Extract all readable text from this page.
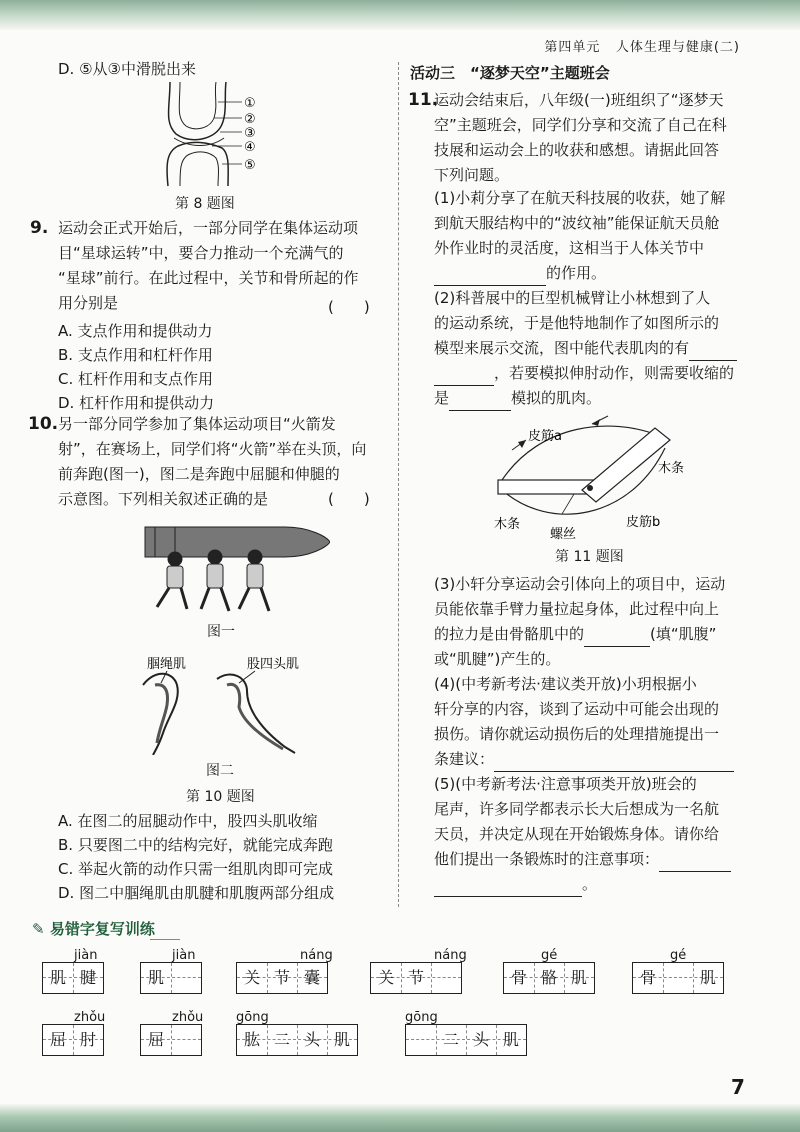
第四单元 人体生理与健康(二)
D. ⑤从③中滑脱出来
①
②
③
④
⑤
第 8 题图
9. 运动会正式开始后，一部分同学在集体运动项
目“星球运转”中，要合力推动一个充满气的
“星球”前行。在此过程中，关节和骨所起的作
用分别是	(　　)
A. 支点作用和提供动力
B. 支点作用和杠杆作用
C. 杠杆作用和支点作用
D. 杠杆作用和提供动力
10. 另一部分同学参加了集体运动项目“火箭发
射”，在赛场上，同学们将“火箭”举在头顶，向
前奔跑(图一)，图二是奔跑中屈腿和伸腿的
示意图。下列相关叙述正确的是	(　　)
图一
腘绳肌	股四头肌
图二
第 10 题图
A. 在图二的屈腿动作中，股四头肌收缩
B. 只要图二中的结构完好，就能完成奔跑
C. 举起火箭的动作只需一组肌肉即可完成
D. 图二中腘绳肌由肌腱和肌腹两部分组成
活动三　“逐梦天空”主题班会
11.
运动会结束后，八年级(一)班组织了“逐梦天
空”主题班会，同学们分享和交流了自己在科
技展和运动会上的收获和感想。请据此回答
下列问题。
(1)小莉分享了在航天科技展的收获，她了解
到航天服结构中的“波纹袖”能保证航天员舱
外作业时的灵活度，这相当于人体关节中
的作用。
(2)科普展中的巨型机械臂让小林想到了人
的运动系统，于是他特地制作了如图所示的
模型来展示交流，图中能代表肌肉的有
，若要模拟伸肘动作，则需要收缩的
是	模拟的肌肉。
皮筋a
木条
木条
螺丝
皮筋b
第 11 题图
(3)小轩分享运动会引体向上的项目中，运动
员能依靠手臂力量拉起身体，此过程中向上
的拉力是由骨骼肌中的	(填“肌腹”
或“肌腱”)产生的。
(4)(中考新考法·建议类开放)小玥根据小
轩分享的内容，谈到了运动中可能会出现的
损伤。请你就运动损伤后的处理措施提出一
条建议：
(5)(中考新考法·注意事项类开放)班会的
尾声，许多同学都表示长大后想成为一名航
天员，并决定从现在开始锻炼身体。请你给
他们提出一条锻炼时的注意事项：
。
✎ 易错字复写训练
肌 腱
jiàn
肌
jiàn
关 节 囊
náng
关 节
náng
骨 骼 肌
gé
骨	肌
gé
屈 肘
zhǒu
屈
zhǒu
肱 二 头 肌
gōng
二 头 肌
gōng
7
